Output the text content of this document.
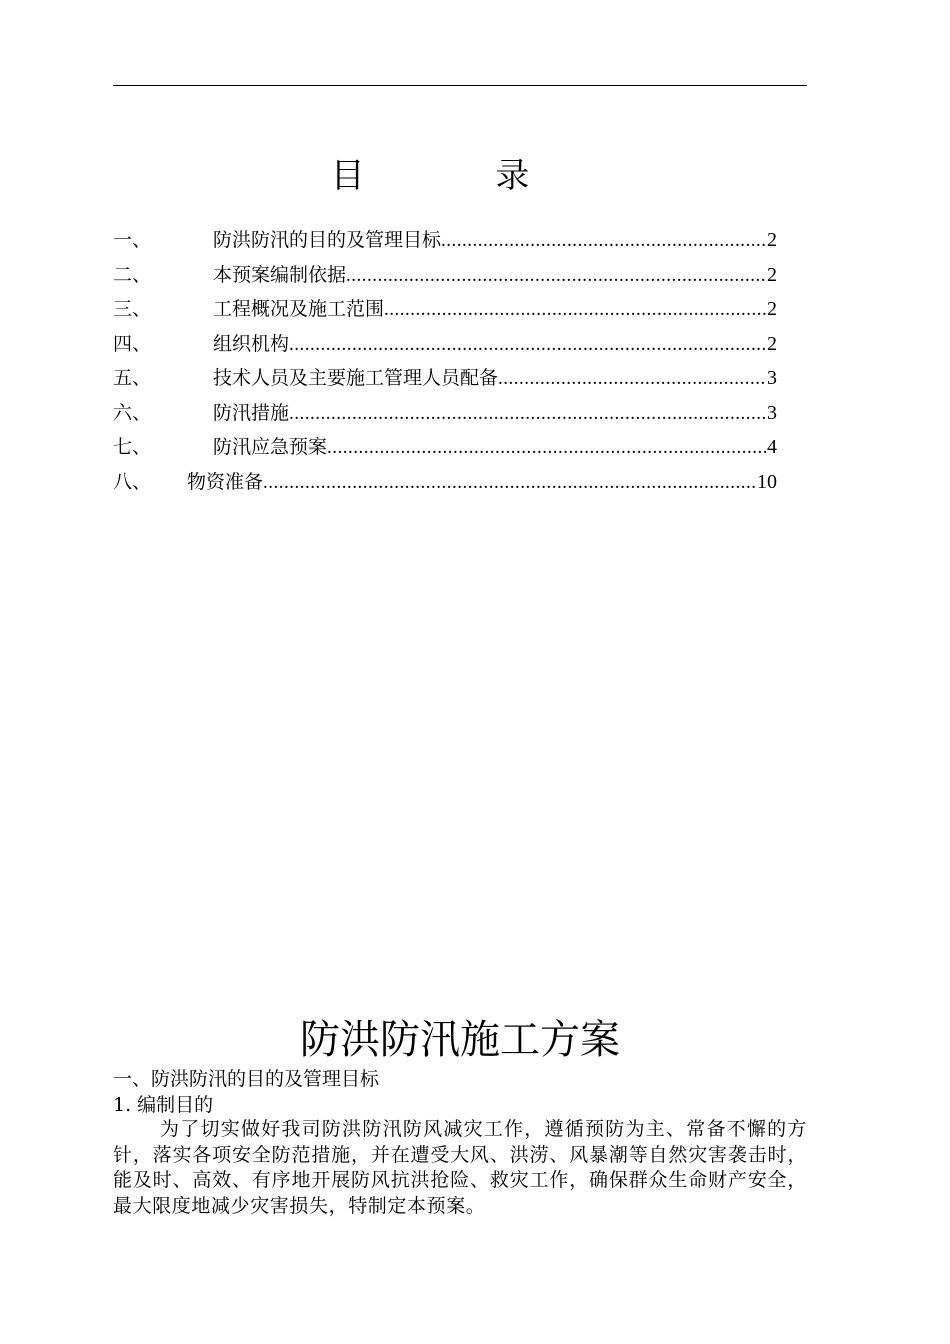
目 录
一、	防洪防汛的目的及管理目标 .....	2
二、	本预案编制依据 .....	2
三、	工程概况及施工范围 .....	2
四、	组织机构 .....	2
五、	技术人员及主要施工管理人员配备 .....	3
六、	防汛措施 .....	3
七、	防汛应急预案 .....	4
八、	物资准备 .....	10
防洪防汛施工方案
一、防洪防汛的目的及管理目标
1. 编制目的
为了切实做好我司防洪防汛防风减灾工作，遵循预防为主、常备不懈的方针，落实各项安全防范措施，并在遭受大风、洪涝、风暴潮等自然灾害袭击时，能及时、高效、有序地开展防风抗洪抢险、救灾工作，确保群众生命财产安全，最大限度地减少灾害损失，特制定本预案。
